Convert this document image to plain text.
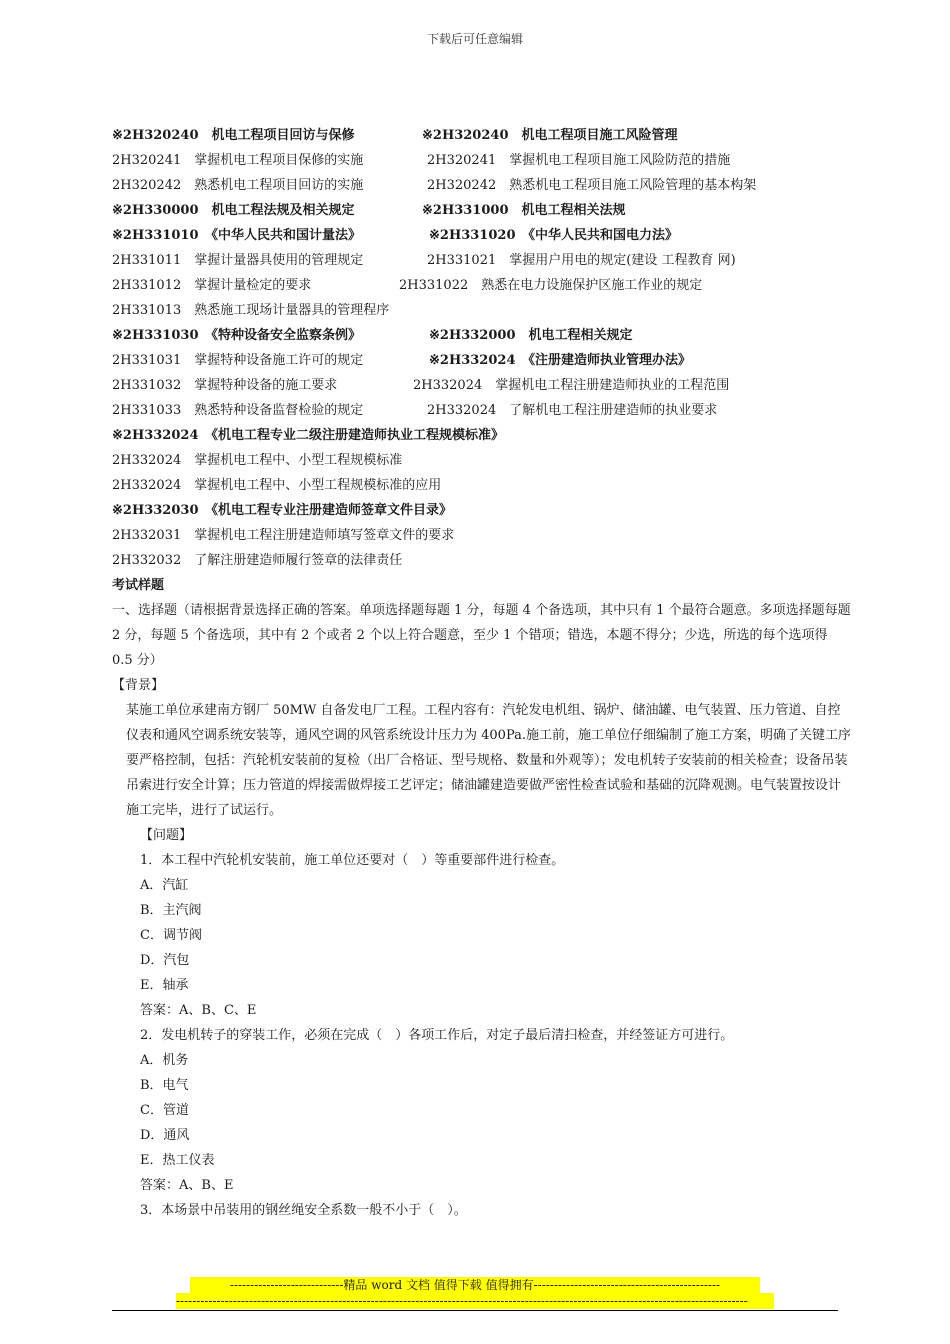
下载后可任意编辑
※2H320240　机电工程项目回访与保修	※2H320240　机电工程项目施工风险管理
2H320241　掌握机电工程项目保修的实施	2H320241　掌握机电工程项目施工风险防范的措施
2H320242　熟悉机电工程项目回访的实施	2H320242　熟悉机电工程项目施工风险管理的基本构架
※2H330000　机电工程法规及相关规定	※2H331000　机电工程相关法规
※2H331010　《中华人民共和国计量法》	※2H331020　《中华人民共和国电力法》
2H331011　掌握计量器具使用的管理规定	2H331021　掌握用户用电的规定(建设 工程教育 网)
2H331012　掌握计量检定的要求	2H331022　熟悉在电力设施保护区施工作业的规定
2H331013　熟悉施工现场计量器具的管理程序
※2H331030　《特种设备安全监察条例》	※2H332000　机电工程相关规定
2H331031　掌握特种设备施工许可的规定	※2H332024　《注册建造师执业管理办法》
2H331032　掌握特种设备的施工要求	2H332024　掌握机电工程注册建造师执业的工程范围
2H331033　熟悉特种设备监督检验的规定	2H332024　了解机电工程注册建造师的执业要求
※2H332024　《机电工程专业二级注册建造师执业工程规模标准》
2H332024　掌握机电工程中、小型工程规模标准
2H332024　掌握机电工程中、小型工程规模标准的应用
※2H332030　《机电工程专业注册建造师签章文件目录》
2H332031　掌握机电工程注册建造师填写签章文件的要求
2H332032　了解注册建造师履行签章的法律责任
考试样题

一、选择题（请根据背景选择正确的答案。单项选择题每题 1 分，每题 4 个备选项，其中只有 1 个最符合题意。多项选择题每题 2 分，每题 5 个备选项，其中有 2 个或者 2 个以上符合题意，至少 1 个错项；错选，本题不得分；少选，所选的每个选项得 0.5 分）

【背景】

某施工单位承建南方钢厂 50MW 自备发电厂工程。工程内容有：汽轮发电机组、锅炉、储油罐、电气装置、压力管道、自控仪表和通风空调系统安装等，通风空调的风管系统设计压力为 400Pa.施工前，施工单位仔细编制了施工方案，明确了关键工序要严格控制，包括：汽轮机安装前的复检（出厂合格证、型号规格、数量和外观等）；发电机转子安装前的相关检查；设备吊装吊索进行安全计算；压力管道的焊接需做焊接工艺评定；储油罐建造要做严密性检查试验和基础的沉降观测。电气装置按设计施工完毕，进行了试运行。

【问题】
1．本工程中汽轮机安装前，施工单位还要对（　）等重要部件进行检查。
A．汽缸
B．主汽阀
C．调节阀
D．汽包
E．轴承
答案：A、B、C、E
2．发电机转子的穿装工作，必须在完成（　）各项工作后，对定子最后清扫检查，并经签证方可进行。
A．机务
B．电气
C．管道
D．通风
E．热工仪表
答案：A、B、E
3．本场景中吊装用的钢丝绳安全系数一般不小于（　）。
----------------------------精品 word 文档 值得下载 值得拥有----------------------------------------------
---------------------------------------------------------------------------------------------------------------------------------------------
